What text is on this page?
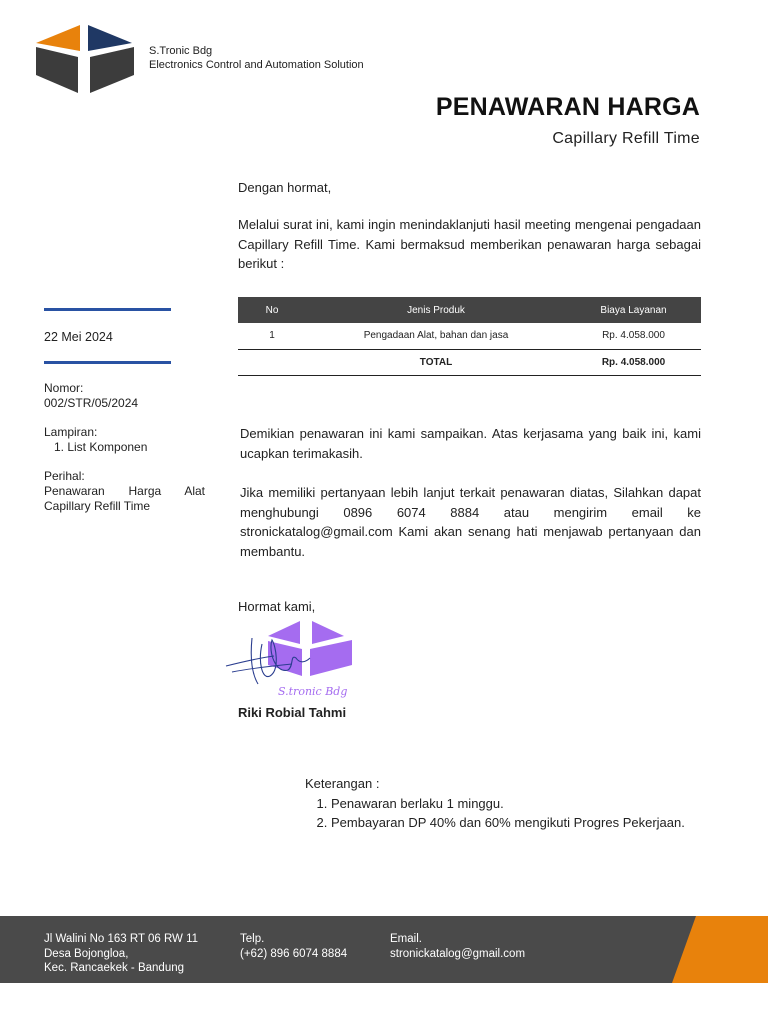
S.Tronic Bdg
Electronics Control and Automation Solution
PENAWARAN HARGA
Capillary Refill Time
Dengan hormat,
Melalui surat ini, kami ingin menindaklanjuti hasil meeting mengenai pengadaan Capillary Refill Time. Kami bermaksud memberikan penawaran harga sebagai berikut :
22 Mei 2024
Nomor:
002/STR/05/2024
Lampiran:
1. List Komponen
Perihal:
Penawaran Harga Alat Capillary Refill Time
No	Jenis Produk	Biaya Layanan
1	Pengadaan Alat, bahan dan jasa	Rp. 4.058.000
	TOTAL	Rp. 4.058.000
Demikian penawaran ini kami sampaikan. Atas kerjasama yang baik ini, kami ucapkan terimakasih.
Jika memiliki pertanyaan lebih lanjut terkait penawaran diatas, Silahkan dapat menghubungi 0896 6074 8884 atau mengirim email ke stronickatalog@gmail.com Kami akan senang hati menjawab pertanyaan dan membantu.
Hormat kami,
S.tronic Bdg
Riki Robial Tahmi
Keterangan :
1. Penawaran berlaku 1 minggu.
2. Pembayaran DP 40% dan 60% mengikuti Progres Pekerjaan.
Jl Walini No 163 RT 06 RW 11
Desa Bojongloa,
Kec. Rancaekek - Bandung
Telp.
(+62) 896 6074 8884
Email.
stronickatalog@gmail.com
